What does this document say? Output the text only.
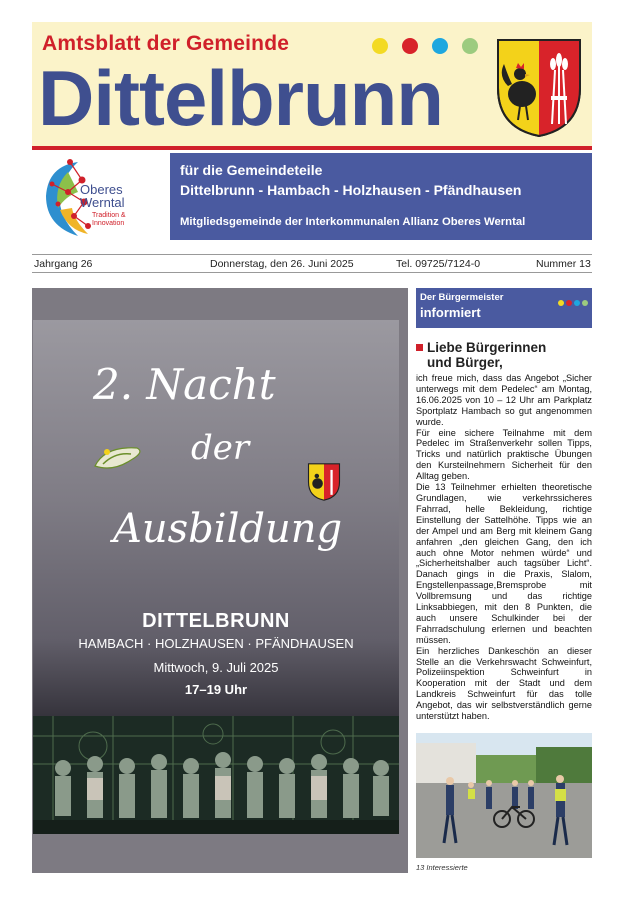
Amtsblatt der Gemeinde
Dittelbrunn
Oberes
Werntal
Tradition &
Innovation
für die Gemeindeteile
Dittelbrunn - Hambach - Holzhausen - Pfändhausen
Mitgliedsgemeinde der Interkommunalen Allianz Oberes Werntal
Jahrgang 26	Donnerstag, den 26. Juni 2025	Tel. 09725/7124-0	Nummer 13
2. Nacht
der
Ausbildung
DITTELBRUNN
HAMBACH · HOLZHAUSEN · PFÄNDHAUSEN
Mittwoch, 9. Juli 2025
17–19 Uhr
Der Bürgermeister
informiert
Liebe Bürgerinnen
und Bürger,

ich freue mich, dass das Angebot „Sicher unterwegs mit dem Pedelec“ am Montag, 16.06.2025 von 10 – 12 Uhr am Parkplatz Sportplatz Hambach so gut angenommen wurde.

Für eine sichere Teilnahme mit dem Pedelec im Straßenverkehr sollen Tipps, Tricks und natürlich praktische Übungen den Kursteilnehmern Sicherheit für den Alltag geben.

Die 13 Teilnehmer erhielten theoretische Grundlagen, wie verkehrssicheres Fahrrad, helle Bekleidung, richtige Einstellung der Sattelhöhe. Tipps wie an der Ampel und am Berg mit kleinem Gang anfahren „den gleichen Gang, den ich auch ohne Motor nehmen würde“ und „Sicherheitshalber auch tagsüber Licht“. Danach gings in die Praxis, Slalom, Engstellenpassage,Bremsprobe mit Vollbremsung und das richtige Linksabbiegen, mit den 8 Punkten, die auch unsere Schulkinder bei der Fahrradschulung erlernen und beachten müssen.

Ein herzliches Dankeschön an dieser Stelle an die Verkehrswacht Schweinfurt, Polizeiinspektion Schweinfurt in Kooperation mit der Stadt und dem Landkreis Schweinfurt für das tolle Angebot, das wir selbstverständlich gerne unterstützt haben.

13 Interessierte
